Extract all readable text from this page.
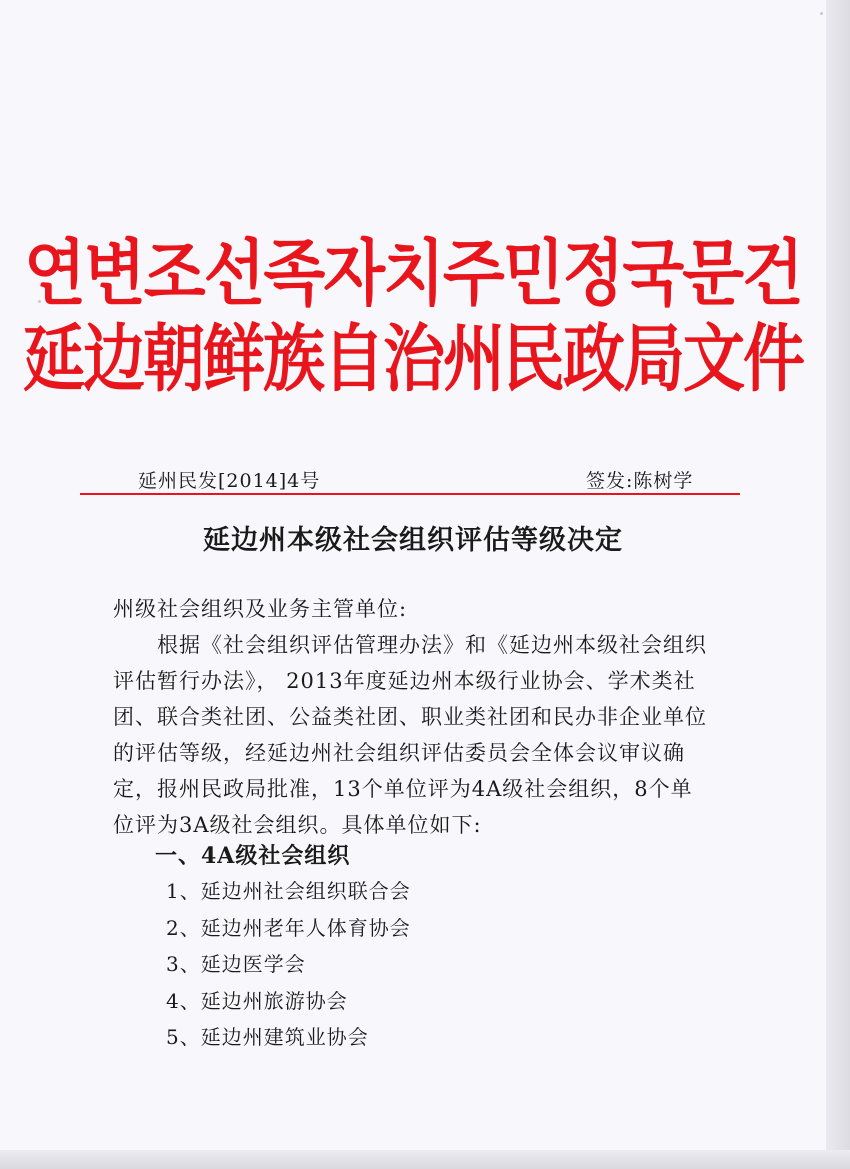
연변조선족자치주민정국문건
延边朝鲜族自治州民政局文件
延州民发[2014]4号	签发:陈树学
延边州本级社会组织评估等级决定
州级社会组织及业务主管单位:
根据《社会组织评估管理办法》和《延边州本级社会组织
评估暂行办法》， 2013年度延边州本级行业协会、学术类社
团、联合类社团、公益类社团、职业类社团和民办非企业单位
的评估等级，经延边州社会组织评估委员会全体会议审议确
定，报州民政局批准，13个单位评为4A级社会组织，8个单
位评为3A级社会组织。具体单位如下:
一、4A级社会组织
1、延边州社会组织联合会
2、延边州老年人体育协会
3、延边医学会
4、延边州旅游协会
5、延边州建筑业协会
